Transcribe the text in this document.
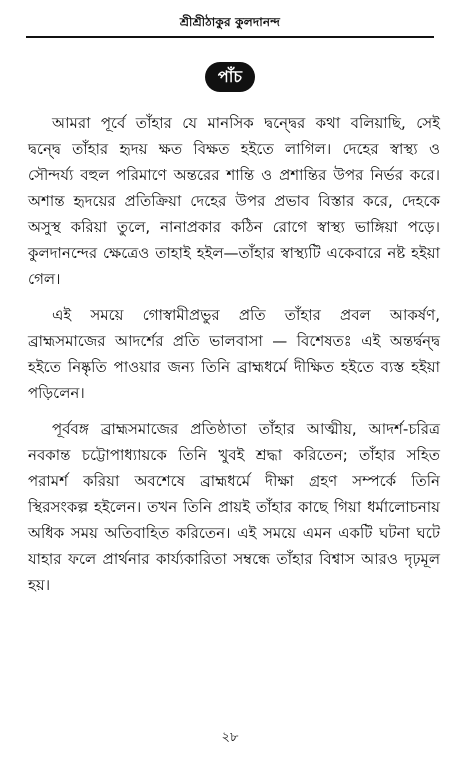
শ্রীশ্রীঠাকুর কুলদানন্দ
পাঁচ

আমরা পূর্বে তাঁহার যে মানসিক দ্বন্দ্বের কথা বলিয়াছি, সেই দ্বন্দ্বে তাঁহার হৃদয় ক্ষত বিক্ষত হইতে লাগিল। দেহের স্বাস্থ্য ও সৌন্দর্য্য বহুল পরিমাণে অন্তরের শান্তি ও প্রশান্তির উপর নির্ভর করে। অশান্ত হৃদয়ের প্রতিক্রিয়া দেহের উপর প্রভাব বিস্তার করে, দেহকে অসুস্থ করিয়া তুলে, নানাপ্রকার কঠিন রোগে স্বাস্থ্য ভাঙ্গিয়া পড়ে। কুলদানন্দের ক্ষেত্রেও তাহাই হইল—তাঁহার স্বাস্থ্যটি একেবারে নষ্ট হইয়া গেল।

এই সময়ে গোস্বামীপ্রভুর প্রতি তাঁহার প্রবল আকর্ষণ, ব্রাহ্মসমাজের আদর্শের প্রতি ভালবাসা — বিশেষতঃ এই অন্তর্দ্বন্দ্ব হইতে নিষ্কৃতি পাওয়ার জন্য তিনি ব্রাহ্মধর্মে দীক্ষিত হইতে ব্যস্ত হইয়া পড়িলেন।

পূর্ববঙ্গ ব্রাহ্মসমাজের প্রতিষ্ঠাতা তাঁহার আত্মীয়, আদর্শ-চরিত্র নবকান্ত চট্টোপাধ্যায়কে তিনি খুবই শ্রদ্ধা করিতেন; তাঁহার সহিত পরামর্শ করিয়া অবশেষে ব্রাহ্মধর্মে দীক্ষা গ্রহণ সম্পর্কে তিনি স্থিরসংকল্প হইলেন। তখন তিনি প্রায়ই তাঁহার কাছে গিয়া ধর্মালোচনায় অধিক সময় অতিবাহিত করিতেন। এই সময়ে এমন একটি ঘটনা ঘটে যাহার ফলে প্রার্থনার কার্য্যকারিতা সম্বন্ধে তাঁহার বিশ্বাস আরও দৃঢ়মূল হয়।

২৮
